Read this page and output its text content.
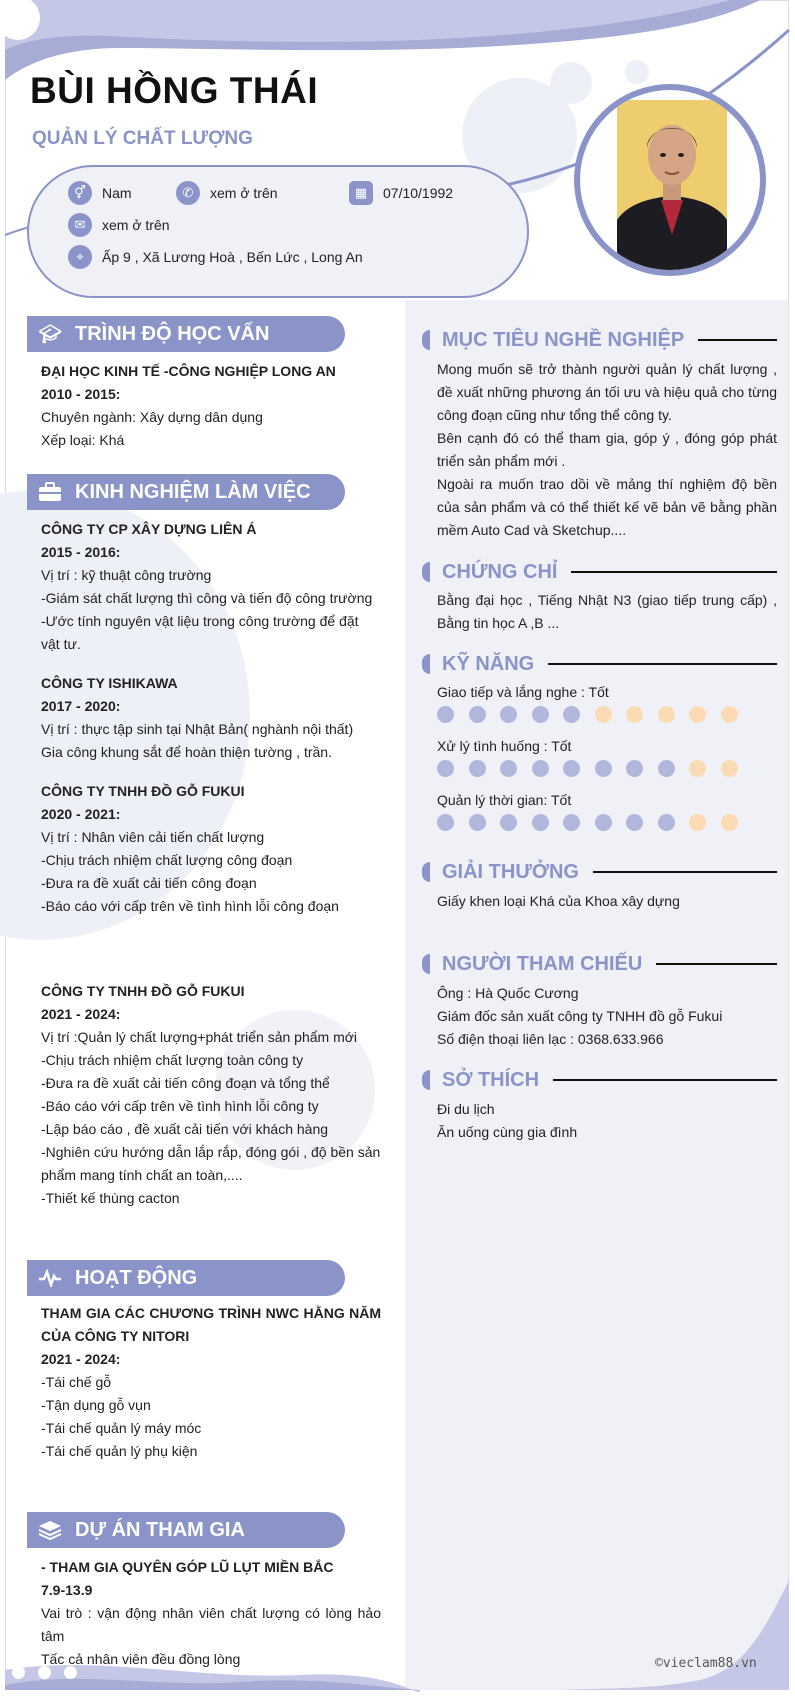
BÙI HỒNG THÁI
QUẢN LÝ CHẤT LƯỢNG
⚥	Nam	✆	xem ở trên	▦	07/10/1992
✉	xem ở trên
⌖	Ấp 9 , Xã Lương Hoà , Bến Lức , Long An
🎓︎ TRÌNH ĐỘ HỌC VẤN
ĐẠI HỌC KINH TẾ -CÔNG NGHIỆP LONG AN
2010 - 2015:
Chuyên ngành: Xây dựng dân dụng
Xếp loại: Khá
KINH NGHIỆM LÀM VIỆC
CÔNG TY CP XÂY DỰNG LIÊN Á
2015 - 2016:
Vị trí : kỹ thuật công trường
-Giám sát chất lượng thì công và tiến độ công trường
-Ước tính nguyên vật liệu trong công trường để đặt vật tư.
CÔNG TY ISHIKAWA
2017 - 2020:
Vị trí : thực tập sinh tại Nhật Bản( nghành nội thất)
Gia công khung sắt để hoàn thiện tường , trần.
CÔNG TY TNHH ĐỒ GỖ FUKUI
2020 - 2021:
Vị trí : Nhân viên cải tiến chất lượng
-Chịu trách nhiệm chất lượng công đoạn
-Đưa ra đề xuất cải tiến công đoạn
-Báo cáo với cấp trên về tình hình lỗi công đoạn
CÔNG TY TNHH ĐỒ GỖ FUKUI
2021 - 2024:
Vị trí :Quản lý chất lượng+phát triển sản phẩm mới
-Chịu trách nhiệm chất lượng toàn công ty
-Đưa ra đề xuất cải tiến công đoạn và tổng thể
-Báo cáo với cấp trên về tình hình lỗi công ty
-Lập báo cáo , đề xuất cải tiến với khách hàng
-Nghiên cứu hướng dẫn lắp rắp, đóng gói , độ bền sản phẩm mang tính chất an toàn,....
-Thiết kế thùng cacton
HOẠT ĐỘNG
THAM GIA CÁC CHƯƠNG TRÌNH NWC HẰNG NĂM CỦA CÔNG TY NITORI
2021 - 2024:
-Tái chế gỗ
-Tận dụng gỗ vụn
-Tái chế quản lý máy móc
-Tái chế quản lý phụ kiện
DỰ ÁN THAM GIA
- THAM GIA QUYÊN GÓP LŨ LỤT MIỀN BẮC
7.9-13.9
Vai trò : vận động nhân viên chất lượng có lòng hảo tâm
Tấc cả nhân viên đều đồng lòng
MỤC TIÊU NGHỀ NGHIỆP
Mong muốn sẽ trở thành người quản lý chất lượng , đề xuất những phương án tối ưu và hiệu quả cho từng công đoạn cũng như tổng thể công ty.
Bên cạnh đó có thể tham gia, góp ý , đóng góp phát triển sản phẩm mới .
Ngoài ra muốn trao dồi về mảng thí nghiệm độ bền của sản phẩm và có thể thiết kế vẽ bản vẽ bằng phần mềm Auto Cad và Sketchup....
CHỨNG CHỈ
Bằng đại học , Tiếng Nhật N3 (giao tiếp trung cấp) , Bằng tin học A ,B ...
KỸ NĂNG
Giao tiếp và lắng nghe : Tốt
Xử lý tình huống : Tốt
Quản lý thời gian: Tốt
GIẢI THƯỞNG
Giấy khen loại Khá của Khoa xây dựng
NGƯỜI THAM CHIẾU
Ông : Hà Quốc Cương
Giám đốc sản xuất công ty TNHH đồ gỗ Fukui
Số điện thoại liên lạc : 0368.633.966
SỞ THÍCH
Đi du lịch
Ăn uống cùng gia đình
©vieclam88.vn
